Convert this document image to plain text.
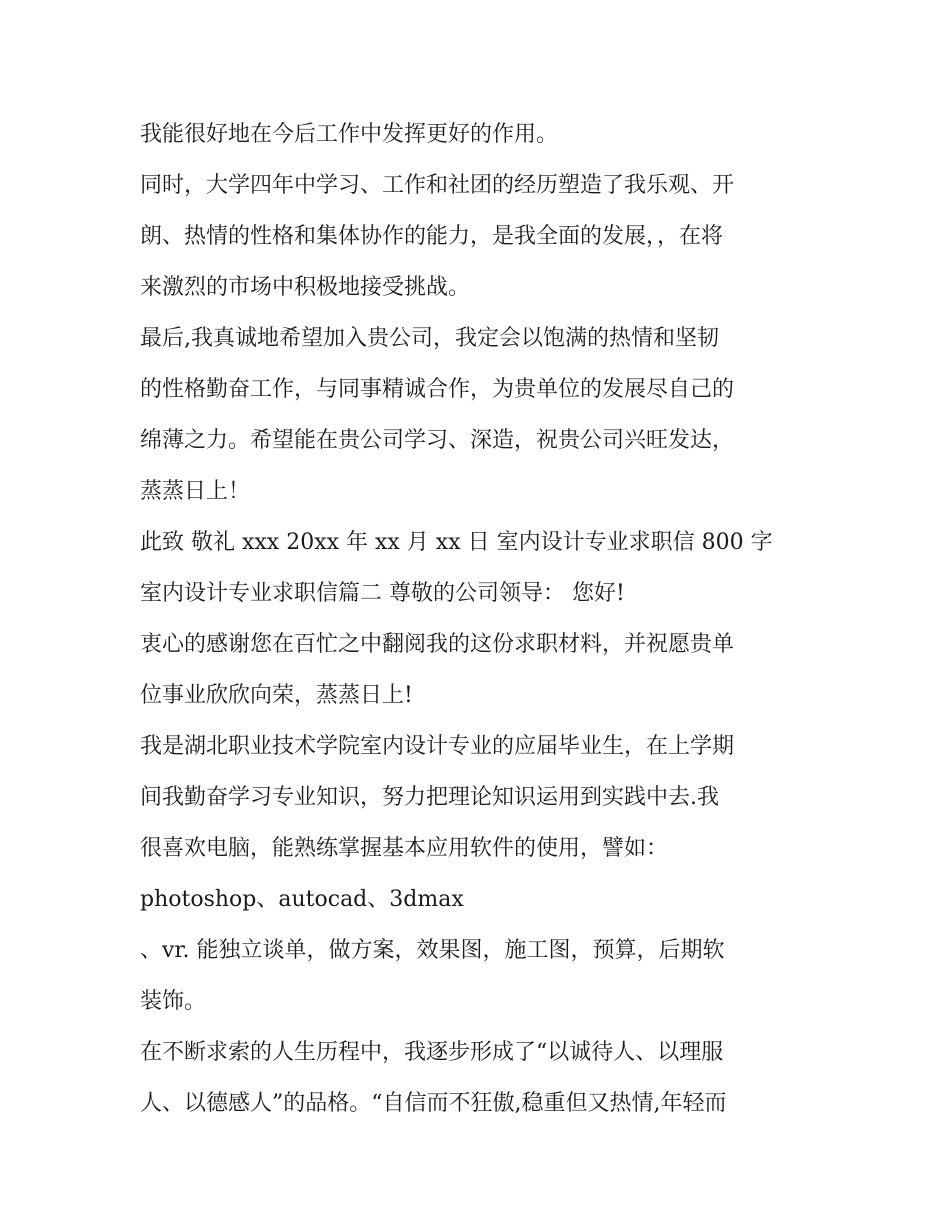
我能很好地在今后工作中发挥更好的作用。
同时，大学四年中学习、工作和社团的经历塑造了我乐观、开
朗、热情的性格和集体协作的能力，是我全面的发展，，在将
来激烈的市场中积极地接受挑战。
最后,我真诚地希望加入贵公司，我定会以饱满的热情和坚韧
的性格勤奋工作，与同事精诚合作，为贵单位的发展尽自己的
绵薄之力。希望能在贵公司学习、深造，祝贵公司兴旺发达，
蒸蒸日上！
此致 敬礼 xxx 20xx 年 xx 月 xx 日 室内设计专业求职信 800 字
室内设计专业求职信篇二 尊敬的公司领导： 您好!
衷心的感谢您在百忙之中翻阅我的这份求职材料，并祝愿贵单
位事业欣欣向荣，蒸蒸日上!
我是湖北职业技术学院室内设计专业的应届毕业生，在上学期
间我勤奋学习专业知识，努力把理论知识运用到实践中去.我
很喜欢电脑，能熟练掌握基本应用软件的使用，譬如：
photoshop、autocad、3dmax
、vr. 能独立谈单，做方案，效果图，施工图，预算，后期软
装饰。
在不断求索的人生历程中，我逐步形成了“以诚待人、以理服
人、以德感人”的品格。“自信而不狂傲,稳重但又热情,年轻而
